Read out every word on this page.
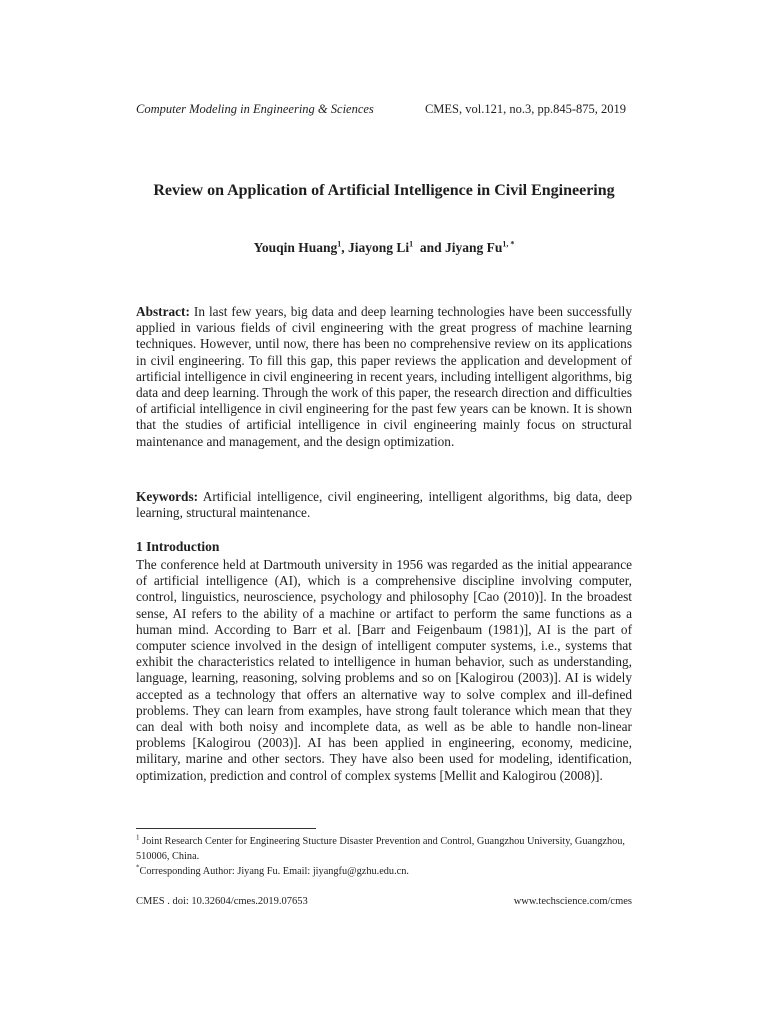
Computer Modeling in Engineering & Sciences	CMES, vol.121, no.3, pp.845-875, 2019
Review on Application of Artificial Intelligence in Civil Engineering
Youqin Huang$^1$, Jiayong Li$^1$  and Jiyang $Fu^{1, *}$
Abstract: In last few years, big data and deep learning technologies have been successfully applied in various fields of civil engineering with the great progress of machine learning techniques. However, until now, there has been no comprehensive review on its applications in civil engineering. To fill this gap, this paper reviews the application and development of artificial intelligence in civil engineering in recent years, including intelligent algorithms, big data and deep learning. Through the work of this paper, the research direction and difficulties of artificial intelligence in civil engineering for the past few years can be known. It is shown that the studies of artificial intelligence in civil engineering mainly focus on structural maintenance and management, and the design optimization.
Keywords: Artificial intelligence, civil engineering, intelligent algorithms, big data, deep learning, structural maintenance.
1 Introduction
The conference held at Dartmouth university in 1956 was regarded as the initial appearance of artificial intelligence (AI), which is a comprehensive discipline involving computer, control, linguistics, neuroscience, psychology and philosophy [Cao (2010)]. In the broadest sense, AI refers to the ability of a machine or artifact to perform the same functions as a human mind. According to Barr et al. [Barr and Feigenbaum (1981)], AI is the part of computer science involved in the design of intelligent computer systems, i.e., systems that exhibit the characteristics related to intelligence in human behavior, such as understanding, language, learning, reasoning, solving problems and so on [Kalogirou (2003)]. AI is widely accepted as a technology that offers an alternative way to solve complex and ill-defined problems. They can learn from examples, have strong fault tolerance which mean that they can deal with both noisy and incomplete data, as well as be able to handle non-linear problems [Kalogirou (2003)]. AI has been applied in engineering, economy, medicine, military, marine and other sectors. They have also been used for modeling, identification, optimization, prediction and control of complex systems [Mellit and Kalogirou (2008)].
$^1$ Joint Research Center for Engineering Stucture Disaster Prevention and Control, Guangzhou University, Guangzhou, 510006, China.
*Corresponding Author: Jiyang Fu. Email: jiyangfu@gzhu.edu.cn.
CMES . doi: 10.32604/cmes.2019.07653	www.techscience.com/cmes
